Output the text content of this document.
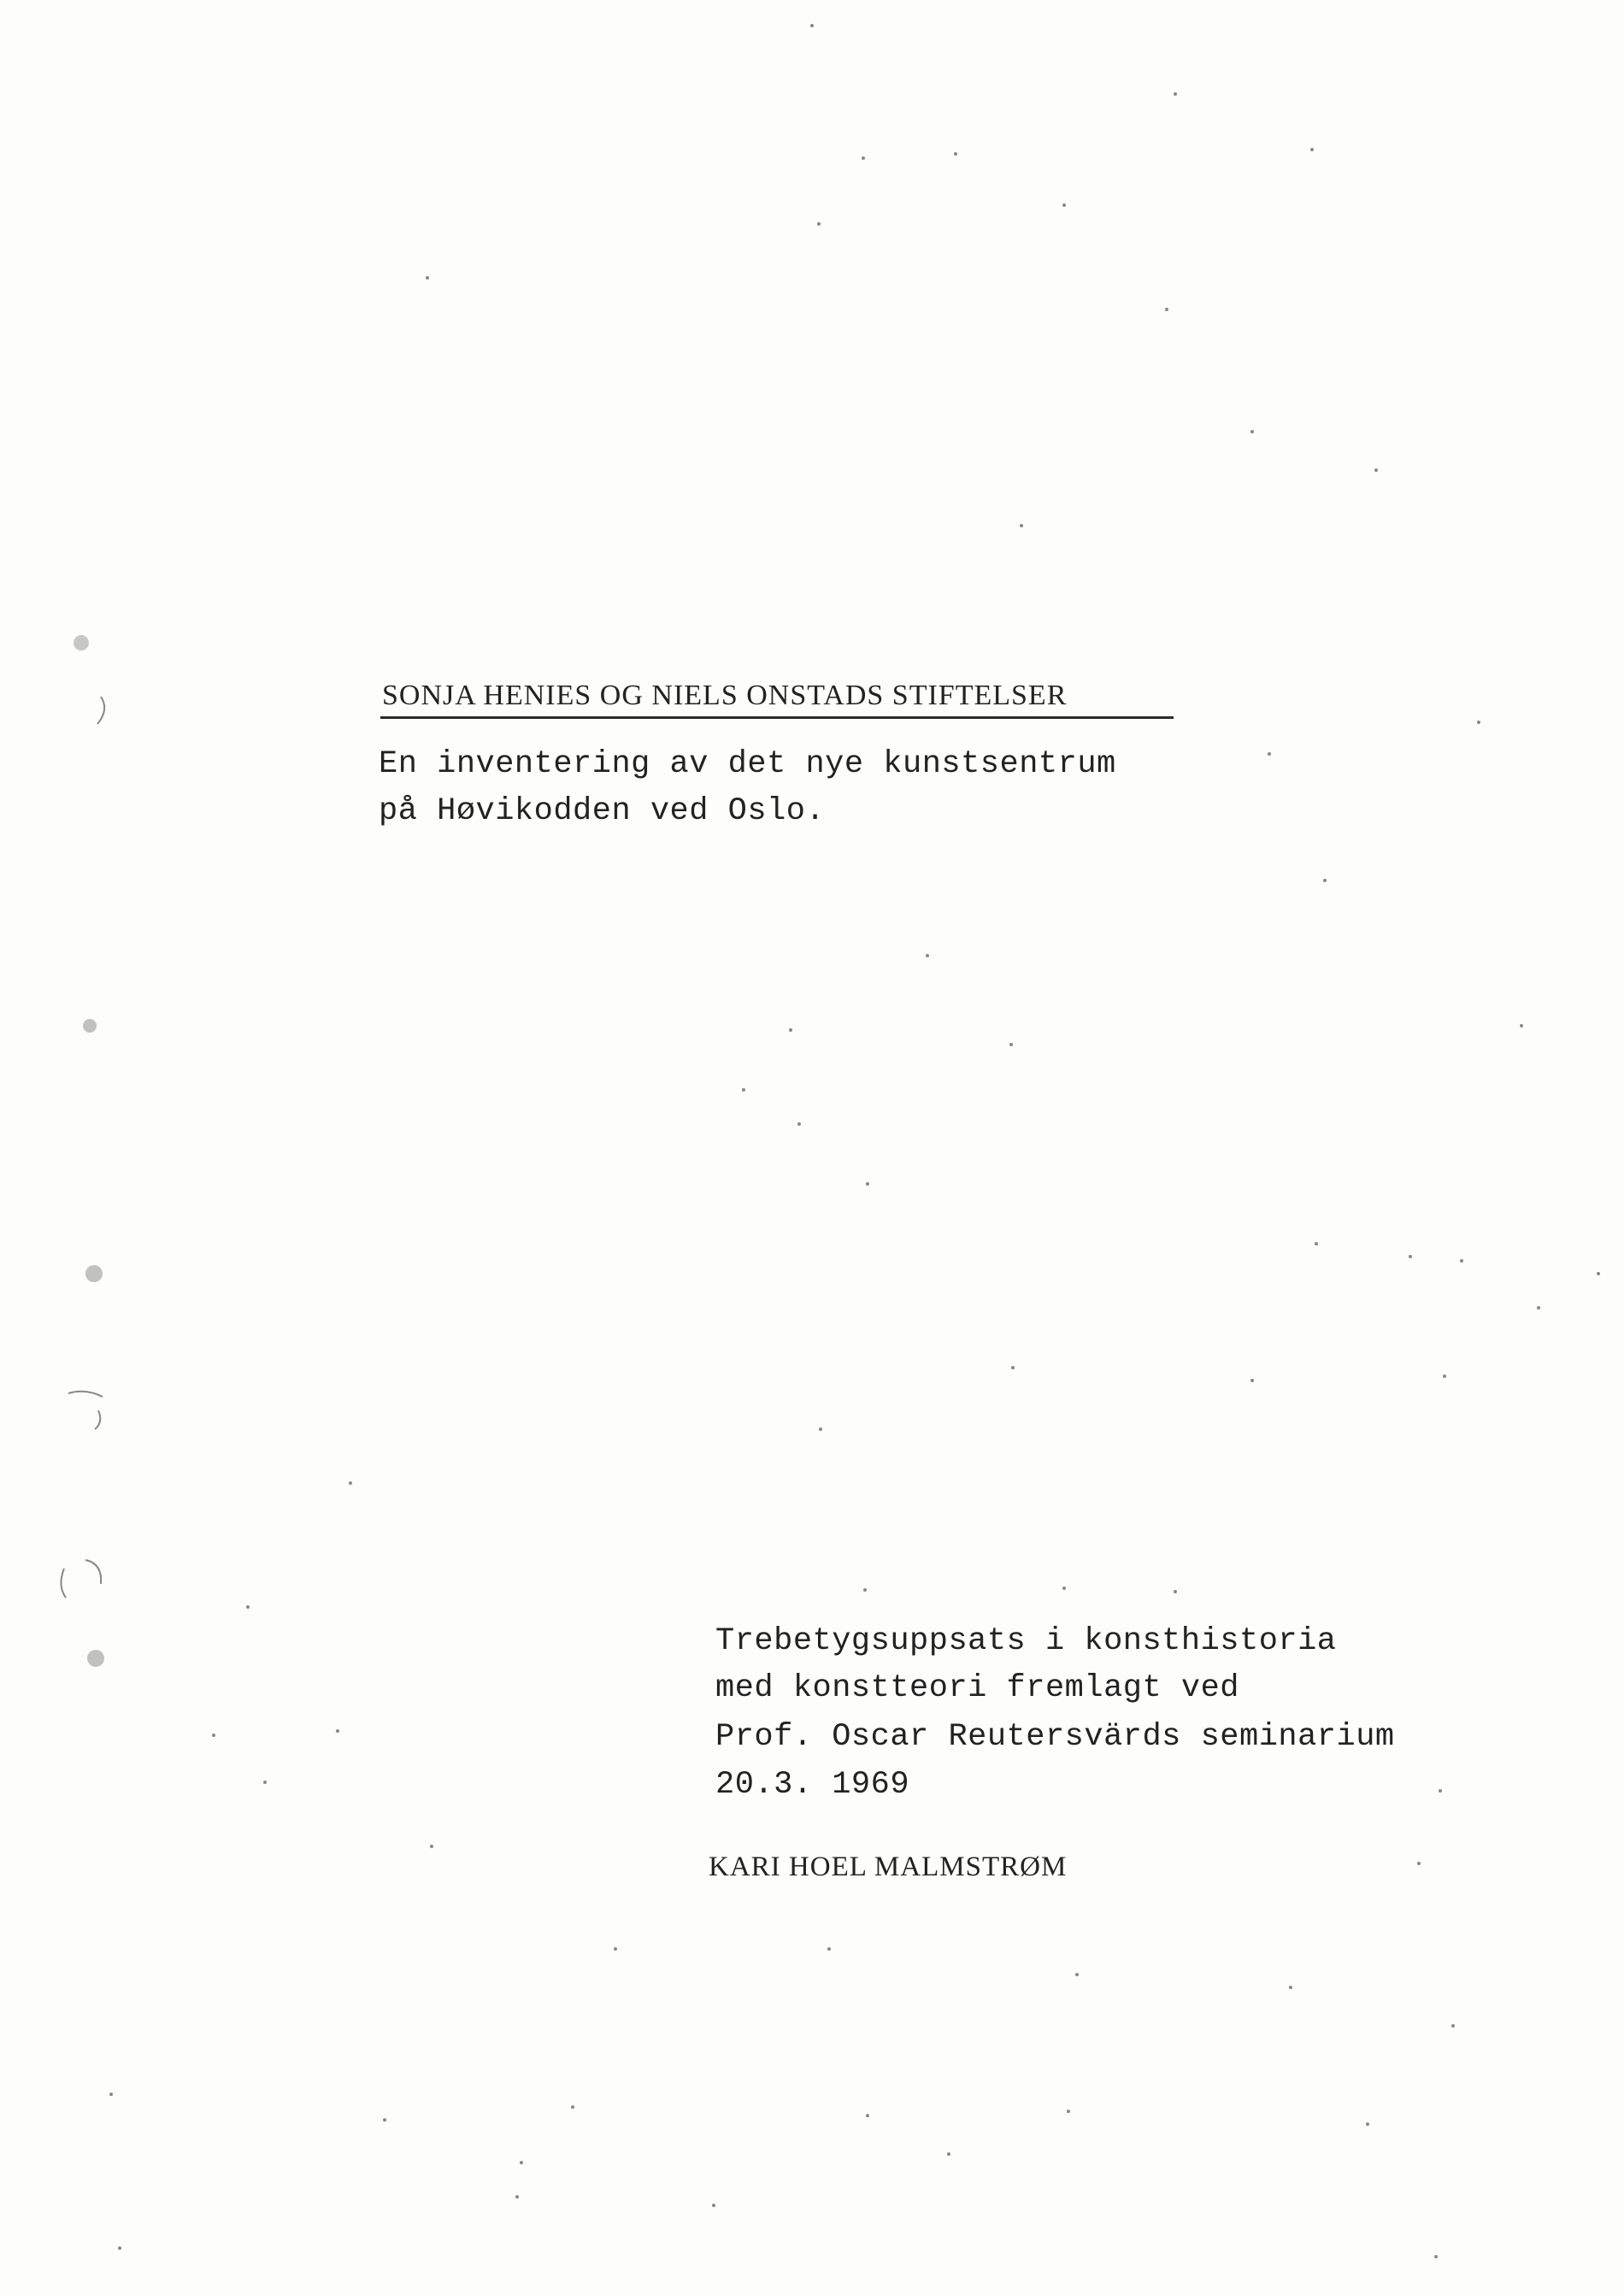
SONJA HENIES OG NIELS ONSTADS STIFTELSER
En inventering av det nye kunstsentrum
på Høvikodden ved Oslo.
Trebetygsuppsats i konsthistoria
med konstteori fremlagt ved
Prof. Oscar Reutersvärds seminarium
20.3. 1969
KARI HOEL MALMSTRØM
